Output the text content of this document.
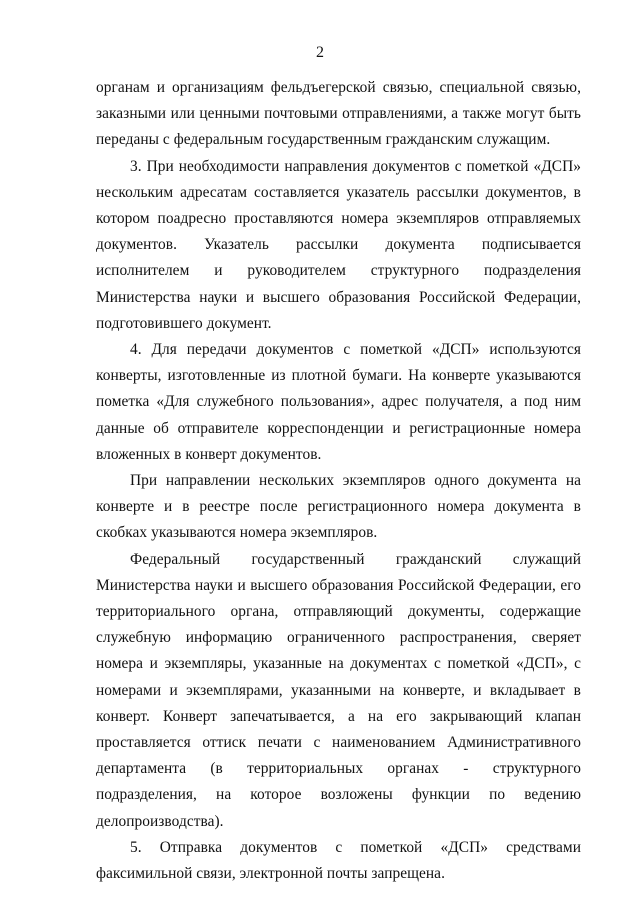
2

органам и организациям фельдъегерской связью, специальной связью, заказными или ценными почтовыми отправлениями, а также могут быть переданы с федеральным государственным гражданским служащим.

3. При необходимости направления документов с пометкой «ДСП» нескольким адресатам составляется указатель рассылки документов, в котором поадресно проставляются номера экземпляров отправляемых документов. Указатель рассылки документа подписывается исполнителем и руководителем структурного подразделения Министерства науки и высшего образования Российской Федерации, подготовившего документ.

4. Для передачи документов с пометкой «ДСП» используются конверты, изготовленные из плотной бумаги. На конверте указываются пометка «Для служебного пользования», адрес получателя, а под ним данные об отправителе корреспонденции и регистрационные номера вложенных в конверт документов.

При направлении нескольких экземпляров одного документа на конверте и в реестре после регистрационного номера документа в скобках указываются номера экземпляров.

Федеральный государственный гражданский служащий Министерства науки и высшего образования Российской Федерации, его территориального органа, отправляющий документы, содержащие служебную информацию ограниченного распространения, сверяет номера и экземпляры, указанные на документах с пометкой «ДСП», с номерами и экземплярами, указанными на конверте, и вкладывает в конверт. Конверт запечатывается, а на его закрывающий клапан проставляется оттиск печати с наименованием Административного департамента (в территориальных органах - структурного подразделения, на которое возложены функции по ведению делопроизводства).

5. Отправка документов с пометкой «ДСП» средствами факсимильной связи, электронной почты запрещена.
